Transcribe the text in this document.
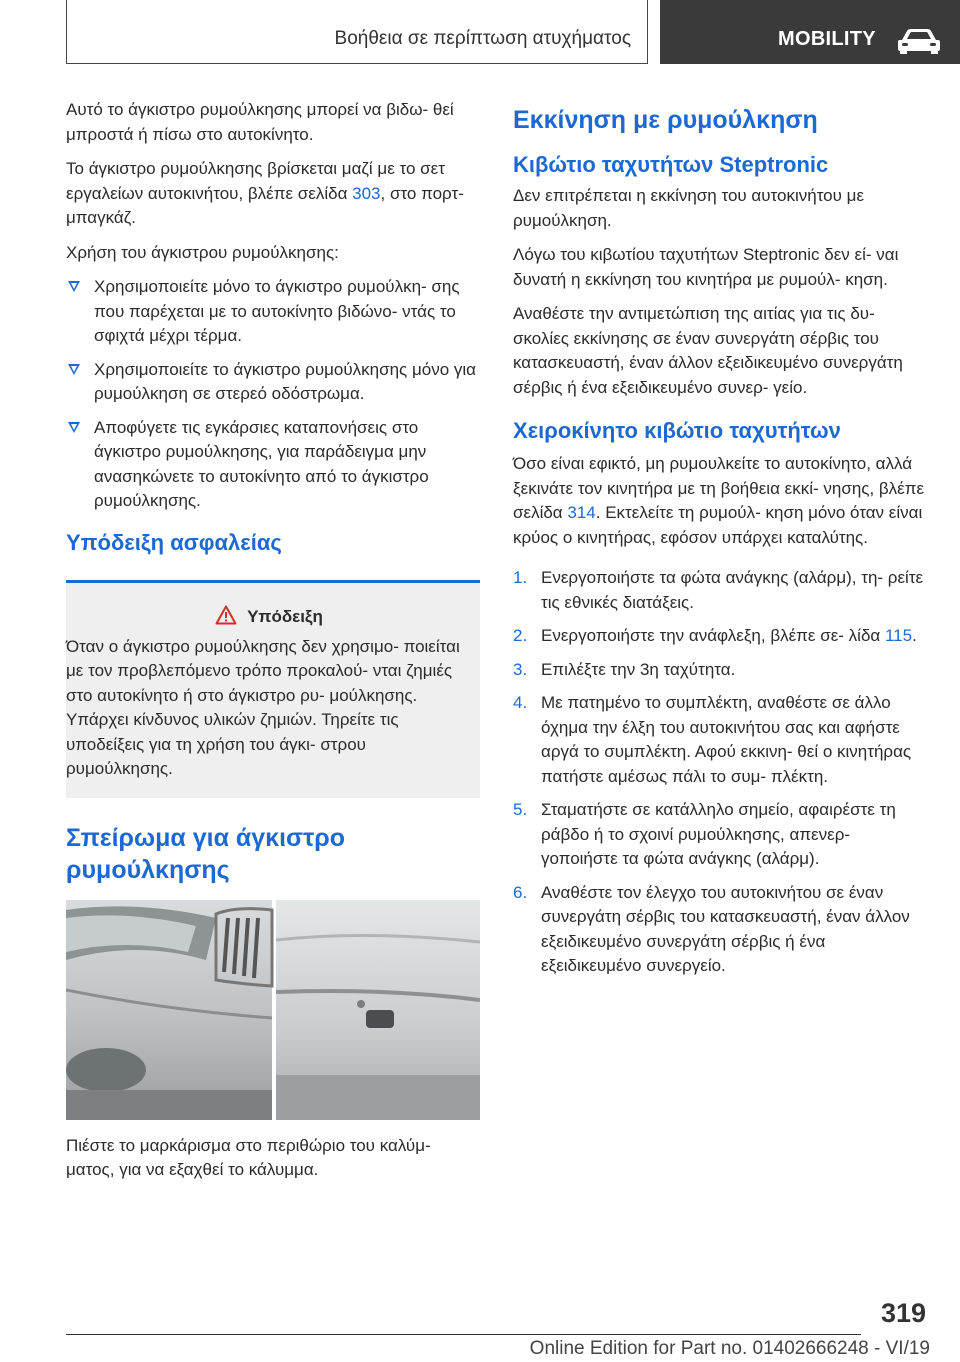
Βοήθεια σε περίπτωση ατυχήματος	MOBILITY

Αυτό το άγκιστρο ρυμούλκησης μπορεί να βιδω‐ θεί μπροστά ή πίσω στο αυτοκίνητο.

Το άγκιστρο ρυμούλκησης βρίσκεται μαζί με το σετ εργαλείων αυτοκινήτου, βλέπε σελίδα 303, στο πορτ-μπαγκάζ.

Χρήση του άγκιστρου ρυμούλκησης:

Χρησιμοποιείτε μόνο το άγκιστρο ρυμούλκη‐ σης που παρέχεται με το αυτοκίνητο βιδώνο‐ ντάς το σφιχτά μέχρι τέρμα.
Χρησιμοποιείτε το άγκιστρο ρυμούλκησης μόνο για ρυμούλκηση σε στερεό οδόστρωμα.
Αποφύγετε τις εγκάρσιες καταπονήσεις στο άγκιστρο ρυμούλκησης, για παράδειγμα μην ανασηκώνετε το αυτοκίνητο από το άγκιστρο ρυμούλκησης.
Υπόδειξη ασφαλείας
Υπόδειξη

Όταν ο άγκιστρο ρυμούλκησης δεν χρησιμο‐ ποιείται με τον προβλεπόμενο τρόπο προκαλού‐ νται ζημιές στο αυτοκίνητο ή στο άγκιστρο ρυ‐ μούλκησης. Υπάρχει κίνδυνος υλικών ζημιών. Τηρείτε τις υποδείξεις για τη χρήση του άγκι‐ στρου ρυμούλκησης.

Σπείρωμα για άγκιστρο ρυμούλκησης

Πιέστε το μαρκάρισμα στο περιθώριο του καλύμ‐ ματος, για να εξαχθεί το κάλυμμα.

Εκκίνηση με ρυμούλκηση
Κιβώτιο ταχυτήτων Steptronic

Δεν επιτρέπεται η εκκίνηση του αυτοκινήτου με ρυμούλκηση.

Λόγω του κιβωτίου ταχυτήτων Steptronic δεν εί‐ ναι δυνατή η εκκίνηση του κινητήρα με ρυμούλ‐ κηση.

Αναθέστε την αντιμετώπιση της αιτίας για τις δυ‐ σκολίες εκκίνησης σε έναν συνεργάτη σέρβις του κατασκευαστή, έναν άλλον εξειδικευμένο συνεργάτη σέρβις ή ένα εξειδικευμένο συνερ‐ γείο.

Χειροκίνητο κιβώτιο ταχυτήτων

Όσο είναι εφικτό, μη ρυμουλκείτε το αυτοκίνητο, αλλά ξεκινάτε τον κινητήρα με τη βοήθεια εκκί‐ νησης, βλέπε σελίδα 314. Εκτελείτε τη ρυμούλ‐ κηση μόνο όταν είναι κρύος ο κινητήρας, εφόσον υπάρχει καταλύτης.

1. Ενεργοποιήστε τα φώτα ανάγκης (αλάρμ), τη‐ ρείτε τις εθνικές διατάξεις.
2. Ενεργοποιήστε την ανάφλεξη, βλέπε σε‐ λίδα 115.
3. Επιλέξτε την 3η ταχύτητα.
4. Με πατημένο το συμπλέκτη, αναθέστε σε άλλο όχημα την έλξη του αυτοκινήτου σας και αφήστε αργά το συμπλέκτη. Αφού εκκινη‐ θεί ο κινητήρας πατήστε αμέσως πάλι το συμ‐ πλέκτη.
5. Σταματήστε σε κατάλληλο σημείο, αφαιρέστε τη ράβδο ή το σχοινί ρυμούλκησης, απενερ‐ γοποιήστε τα φώτα ανάγκης (αλάρμ).
6. Αναθέστε τον έλεγχο του αυτοκινήτου σε έναν συνεργάτη σέρβις του κατασκευαστή, έναν άλλον εξειδικευμένο συνεργάτη σέρβις ή ένα εξειδικευμένο συνεργείο.
319
Online Edition for Part no. 01402666248 - VI/19
